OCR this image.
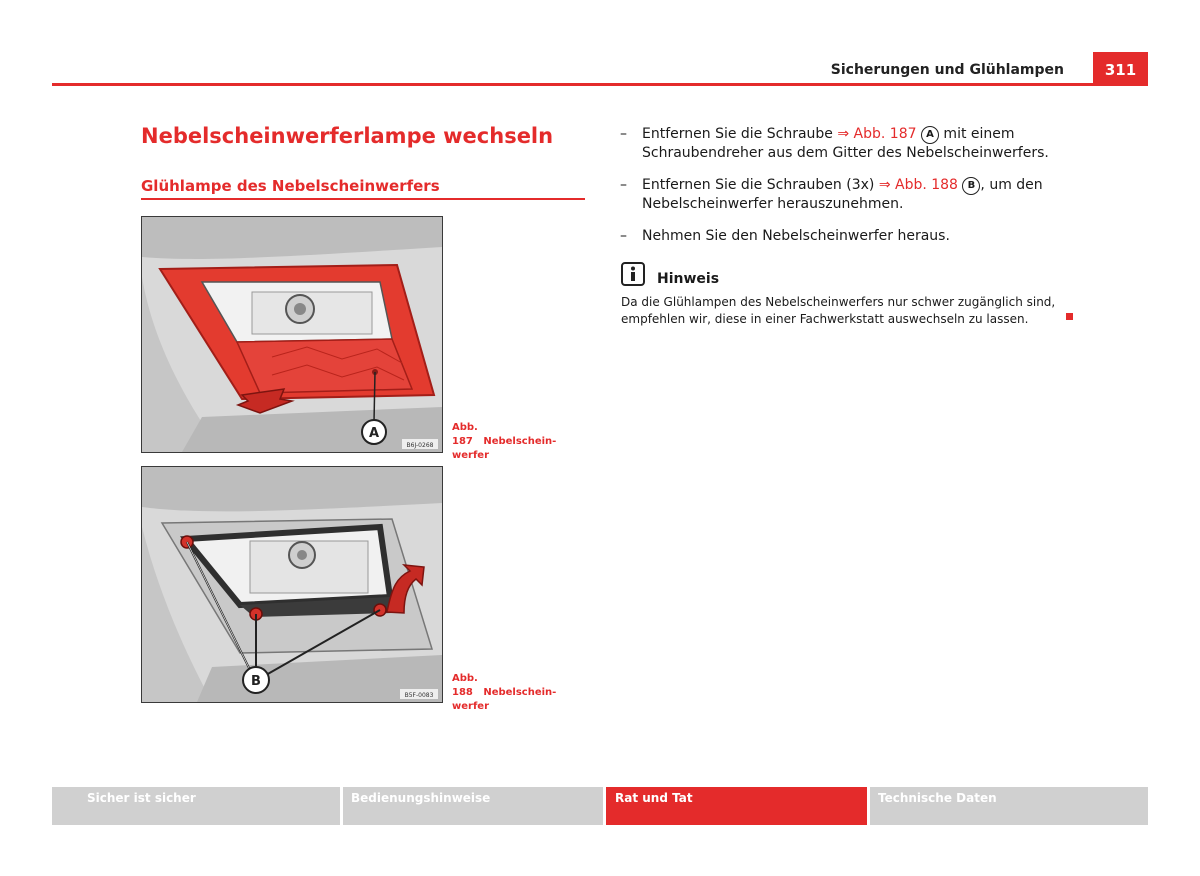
Sicherungen und Glühlampen	311
Nebelscheinwerferlampe wechseln
Glühlampe des Nebelscheinwerfers
A
B6J-0268
Abb. 187 Nebelschein-
werfer
B
B5F-0083
Abb. 188 Nebelschein-
werfer
– Entfernen Sie die Schraube ⇒ Abb. 187 A mit einem Schraubendreher aus dem Gitter des Nebelscheinwerfers.
– Entfernen Sie die Schrauben (3x) ⇒ Abb. 188 B , um den Nebelscheinwerfer herauszunehmen.
– Nehmen Sie den Nebelscheinwerfer heraus.
Hinweis
Da die Glühlampen des Nebelscheinwerfers nur schwer zugänglich sind, empfehlen wir, diese in einer Fachwerkstatt auswechseln zu lassen.
Sicher ist sicher	Bedienungshinweise	Rat und Tat	Technische Daten
